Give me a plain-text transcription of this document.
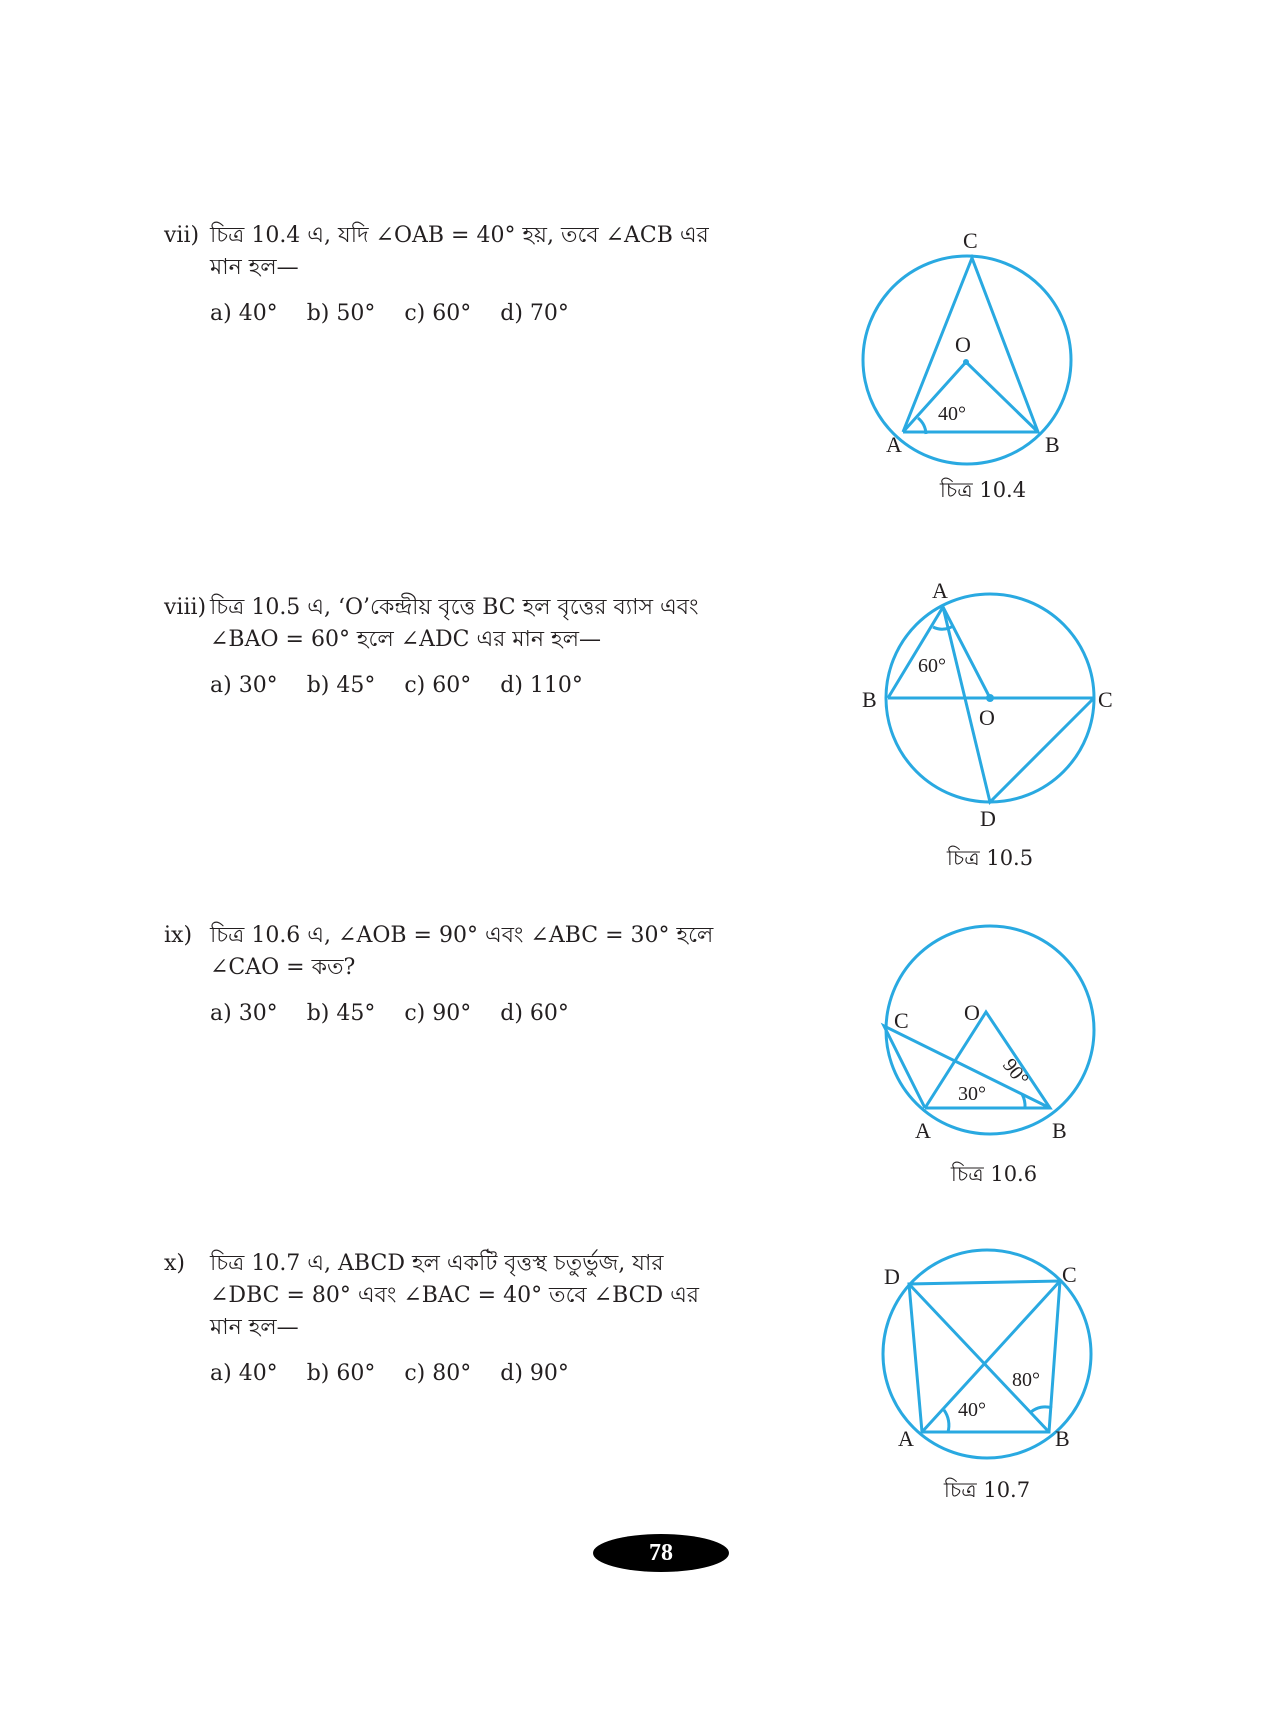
vii) চিত্র 10.4 এ, যদি ∠OAB = 40° হয়, তবে ∠ACB এর
মান হল—
a) 40° b) 50° c) 60° d) 70°
viii) চিত্র 10.5 এ, ‘O’কেন্দ্রীয় বৃত্তে BC হল বৃত্তের ব্যাস এবং
∠BAO = 60° হলে ∠ADC এর মান হল—
a) 30° b) 45° c) 60° d) 110°
ix) চিত্র 10.6 এ, ∠AOB = 90° এবং ∠ABC = 30° হলে
∠CAO = কত?
a) 30° b) 45° c) 90° d) 60°
x) চিত্র 10.7 এ, ABCD হল একটি বৃত্তস্থ চতুর্ভুজ, যার
∠DBC = 80° এবং ∠BAC = 40° তবে ∠BCD এর
মান হল—
a) 40° b) 60° c) 80° d) 90°
C
O
A	B
40°
চিত্র 10.4
A
B	C
O
D
60°
চিত্র 10.5
C	O
A	B
30°
90°
চিত্র 10.6
D	C
A	B
80°
40°
চিত্র 10.7
78
